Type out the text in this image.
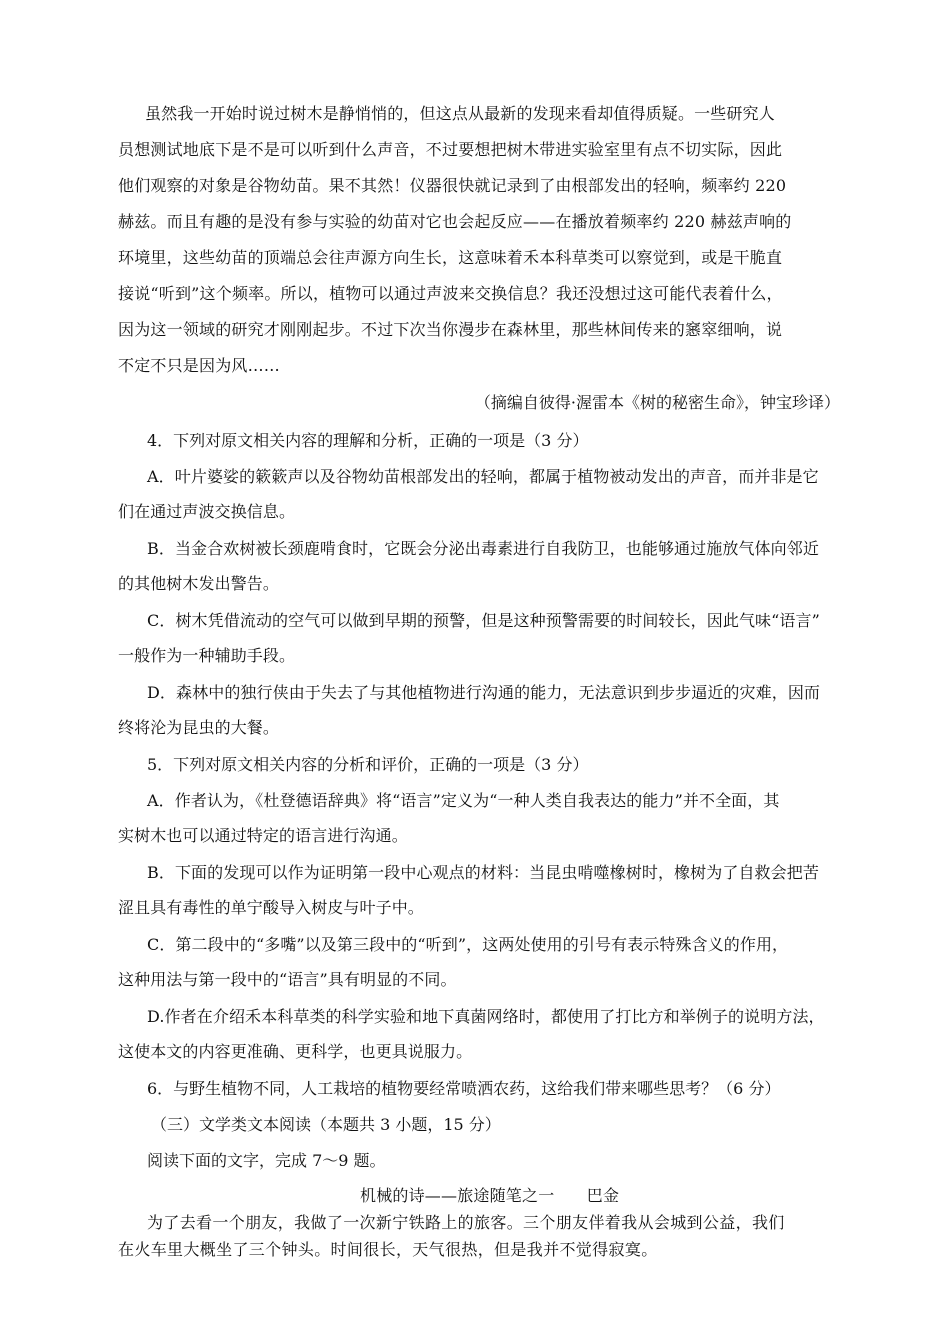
虽然我一开始时说过树木是静悄悄的，但这点从最新的发现来看却值得质疑。一些研究人
员想测试地底下是不是可以听到什么声音，不过要想把树木带进实验室里有点不切实际，因此
他们观察的对象是谷物幼苗。果不其然！仪器很快就记录到了由根部发出的轻响，频率约 220
赫兹。而且有趣的是没有参与实验的幼苗对它也会起反应——在播放着频率约 220 赫兹声响的
环境里，这些幼苗的顶端总会往声源方向生长，这意味着禾本科草类可以察觉到，或是干脆直
接说“听到”这个频率。所以，植物可以通过声波来交换信息？我还没想过这可能代表着什么，
因为这一领域的研究才刚刚起步。不过下次当你漫步在森林里，那些林间传来的窸窣细响，说
不定不只是因为风……
（摘编自彼得·渥雷本《树的秘密生命》，钟宝珍译）
4．下列对原文相关内容的理解和分析，正确的一项是（3 分）
A．叶片婆娑的簌簌声以及谷物幼苗根部发出的轻响，都属于植物被动发出的声音，而并非是它
们在通过声波交换信息。
B．当金合欢树被长颈鹿啃食时，它既会分泌出毒素进行自我防卫，也能够通过施放气体向邻近
的其他树木发出警告。
C．树木凭借流动的空气可以做到早期的预警，但是这种预警需要的时间较长，因此气味“语言”
一般作为一种辅助手段。
D．森林中的独行侠由于失去了与其他植物进行沟通的能力，无法意识到步步逼近的灾难，因而
终将沦为昆虫的大餐。
5．下列对原文相关内容的分析和评价，正确的一项是（3 分）
A．作者认为，《杜登德语辞典》将“语言”定义为“一种人类自我表达的能力”并不全面，其
实树木也可以通过特定的语言进行沟通。
B．下面的发现可以作为证明第一段中心观点的材料：当昆虫啃噬橡树时，橡树为了自救会把苦
涩且具有毒性的单宁酸导入树皮与叶子中。
C．第二段中的“多嘴”以及第三段中的“听到”，这两处使用的引号有表示特殊含义的作用，
这种用法与第一段中的“语言”具有明显的不同。
D.作者在介绍禾本科草类的科学实验和地下真菌网络时，都使用了打比方和举例子的说明方法，
这使本文的内容更准确、更科学，也更具说服力。
6．与野生植物不同，人工栽培的植物要经常喷洒农药，这给我们带来哪些思考？（6 分）
（三）文学类文本阅读（本题共 3 小题，15 分）
阅读下面的文字，完成 7～9 题。
机械的诗——旅途随笔之一　　巴金
为了去看一个朋友，我做了一次新宁铁路上的旅客。三个朋友伴着我从会城到公益，我们
在火车里大概坐了三个钟头。时间很长，天气很热，但是我并不觉得寂寞。
